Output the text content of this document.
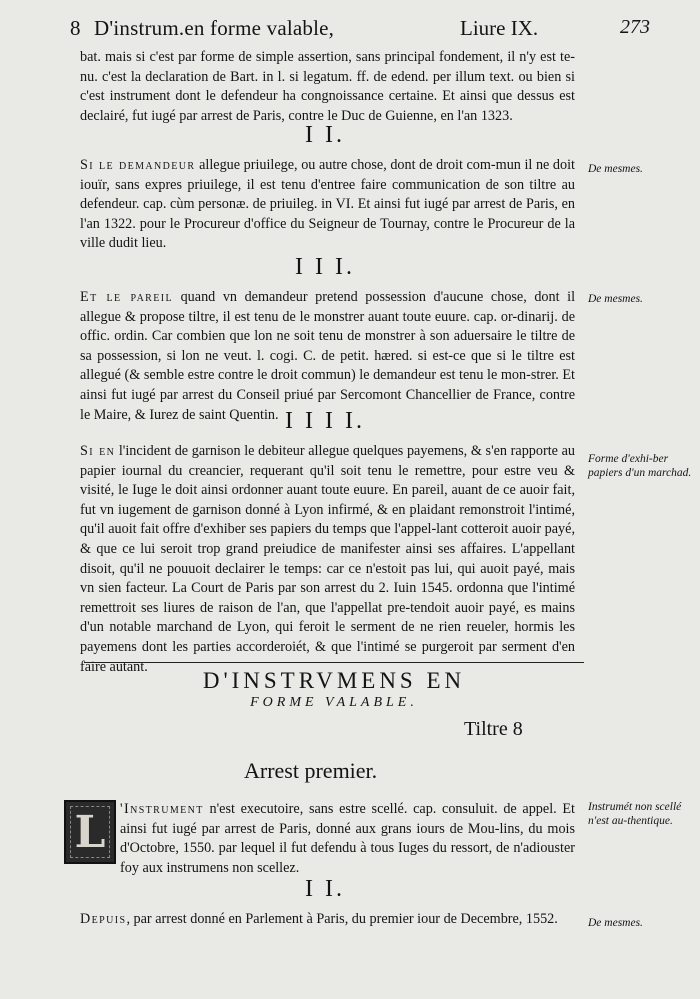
8 D'instrum.en forme valable,	Liure IX.	273
bat. mais si c'est par forme de simple assertion, sans principal fondement, il n'y est te-nu. c'est la declaration de Bart. in l. si legatum. ff. de edend. per illum text. ou bien si c'est instrument dont le defendeur ha congnoissance certaine. Et ainsi que dessus est declairé, fut iugé par arrest de Paris, contre le Duc de Guienne, en l'an 1323.
I I.
Si le demandeur allegue priuilege, ou autre chose, dont de droit com-mun il ne doit iouïr, sans expres priuilege, il est tenu d'entree faire communication de son tiltre au defendeur. cap. cùm personæ. de priuileg. in VI. Et ainsi fut iugé par arrest de Paris, en l'an 1322. pour le Procureur d'office du Seigneur de Tournay, contre le Procureur de la ville dudit lieu.
De mesmes.
I I I.
Et le pareil quand vn demandeur pretend possession d'aucune chose, dont il allegue & propose tiltre, il est tenu de le monstrer auant toute euure. cap. or-dinarij. de offic. ordin. Car combien que lon ne soit tenu de monstrer à son aduersaire le tiltre de sa possession, si lon ne veut. l. cogi. C. de petit. hæred. si est-ce que si le tiltre est allegué (& semble estre contre le droit commun) le demandeur est tenu le mon-strer. Et ainsi fut iugé par arrest du Conseil priué par Sercomont Chancellier de France, contre le Maire, & Iurez de saint Quentin.
De mesmes.
I I I I.
Si en l'incident de garnison le debiteur allegue quelques payemens, & s'en rapporte au papier iournal du creancier, requerant qu'il soit tenu le remettre, pour estre veu & visité, le Iuge le doit ainsi ordonner auant toute euure. En pareil, auant de ce auoir fait, fut vn iugement de garnison donné à Lyon infirmé, & en plaidant remonstroit l'intimé, qu'il auoit fait offre d'exhiber ses papiers du temps que l'appel-lant cotteroit auoir payé, & que ce lui seroit trop grand preiudice de manifester ainsi ses affaires. L'appellant disoit, qu'il ne pouuoit declairer le temps: car ce n'estoit pas lui, qui auoit payé, mais vn sien facteur. La Court de Paris par son arrest du 2. Iuin 1545. ordonna que l'intimé remettroit ses liures de raison de l'an, que l'appellat pre-tendoit auoir payé, es mains d'un notable marchand de Lyon, qui feroit le serment de ne rien reueler, hormis les payemens dont les parties accorderoiét, & que l'intimé se purgeroit par serment d'en faire autant.
Forme d'exhi-ber papiers d'un marchad.
D'INSTRVMENS EN
FORME VALABLE.
Tiltre 8
Arrest premier.
L 'Instrument n'est executoire, sans estre scellé. cap. consuluit. de appel. Et ainsi fut iugé par arrest de Paris, donné aux grans iours de Mou-lins, du mois d'Octobre, 1550. par lequel il fut defendu à tous Iuges du ressort, de n'adiouster foy aux instrumens non scellez.
Instrumét non scellé n'est au-thentique.
I I.
Depuis, par arrest donné en Parlement à Paris, du premier iour de Decembre, 1552.	De mesmes.
